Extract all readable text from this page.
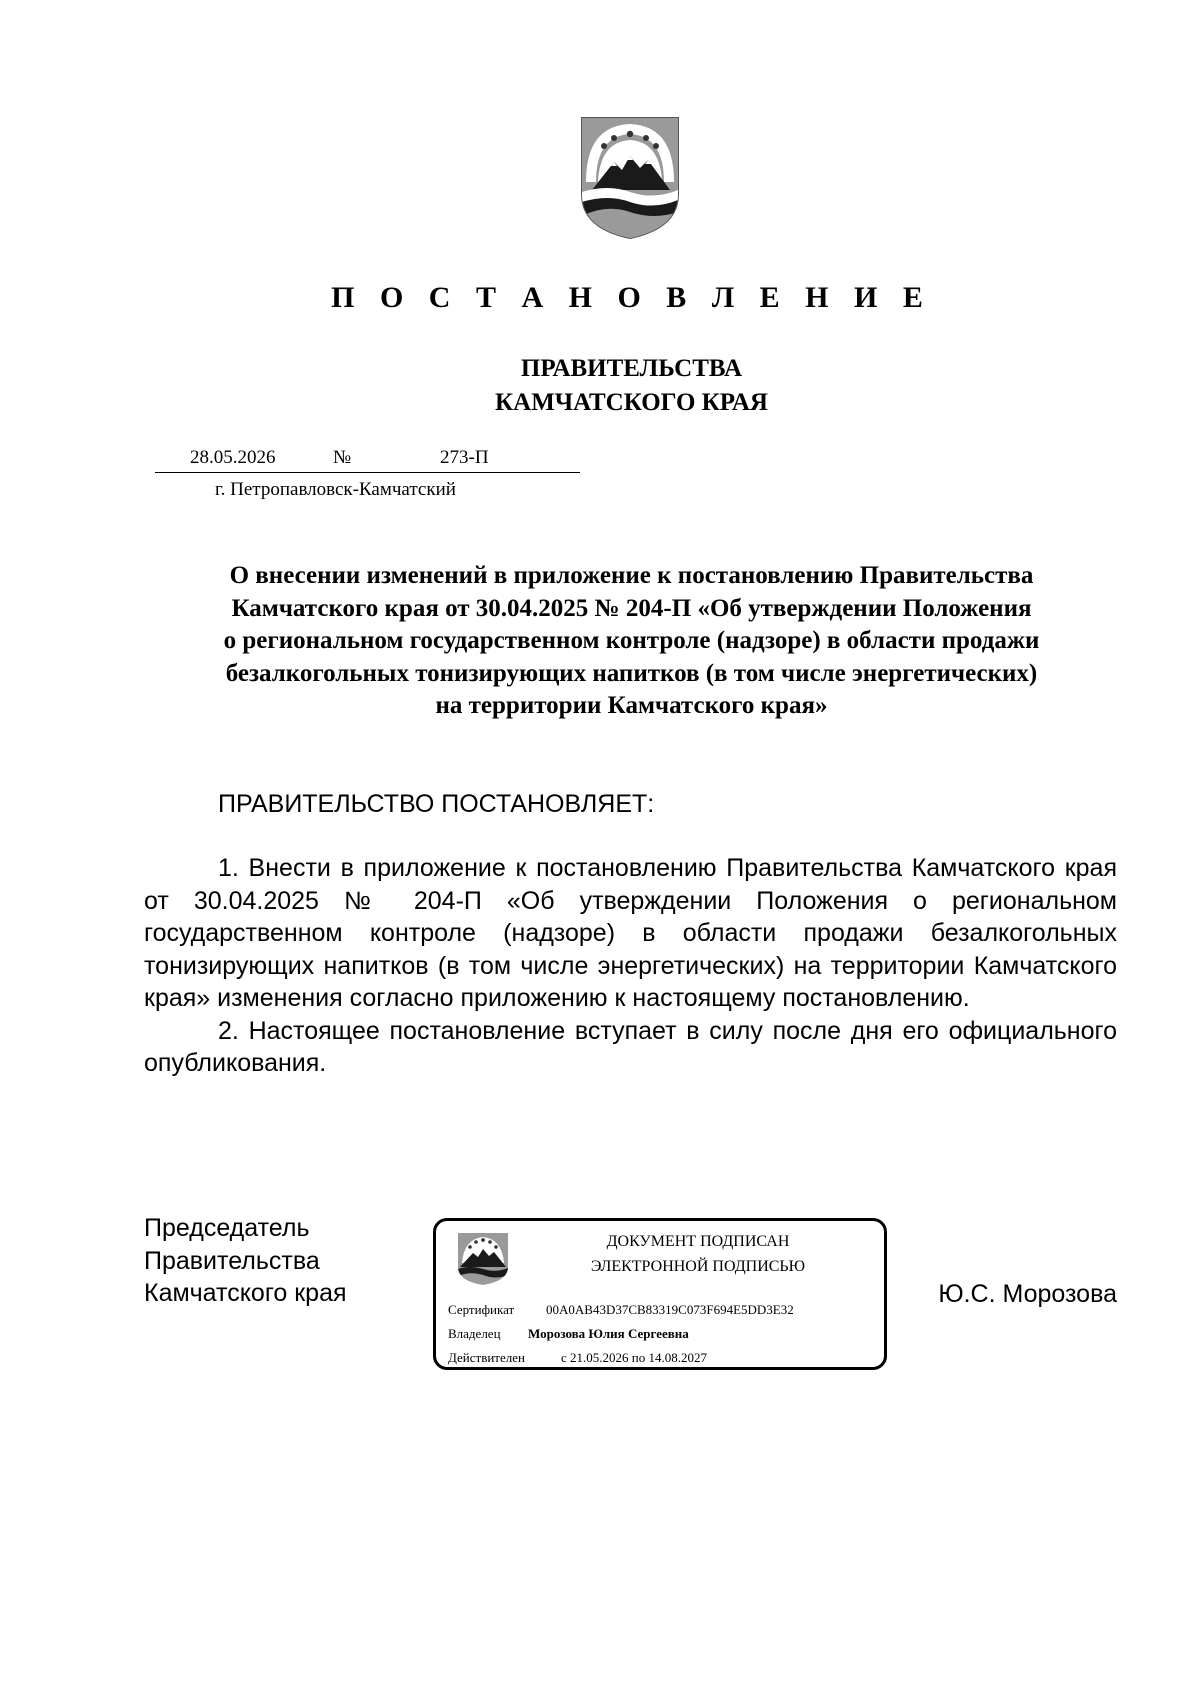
П О С Т А Н О В Л Е Н И Е
ПРАВИТЕЛЬСТВА
КАМЧАТСКОГО КРАЯ
28.05.2026	№	273-П
г. Петропавловск-Камчатский
О внесении изменений в приложение к постановлению Правительства
Камчатского края от 30.04.2025 № 204-П «Об утверждении Положения
о региональном государственном контроле (надзоре) в области продажи
безалкогольных тонизирующих напитков (в том числе энергетических)
на территории Камчатского края»
ПРАВИТЕЛЬСТВО ПОСТАНОВЛЯЕТ:

1. Внести в приложение к постановлению Правительства Камчатского края от 30.04.2025 № 204-П «Об утверждении Положения о региональном государственном контроле (надзоре) в области продажи безалкогольных тонизирующих напитков (в том числе энергетических) на территории Камчатского края» изменения согласно приложению к настоящему постановлению.

2. Настоящее постановление вступает в силу после дня его официального опубликования.

Председатель
Правительства
Камчатского края
ДОКУМЕНТ ПОДПИСАН
ЭЛЕКТРОННОЙ ПОДПИСЬЮ
Сертификат 00A0AB43D37CB83319C073F694E5DD3E32
Владелец Морозова Юлия Сергеевна
Действителен	с 21.05.2026 по 14.08.2027
Ю.С. Морозова
